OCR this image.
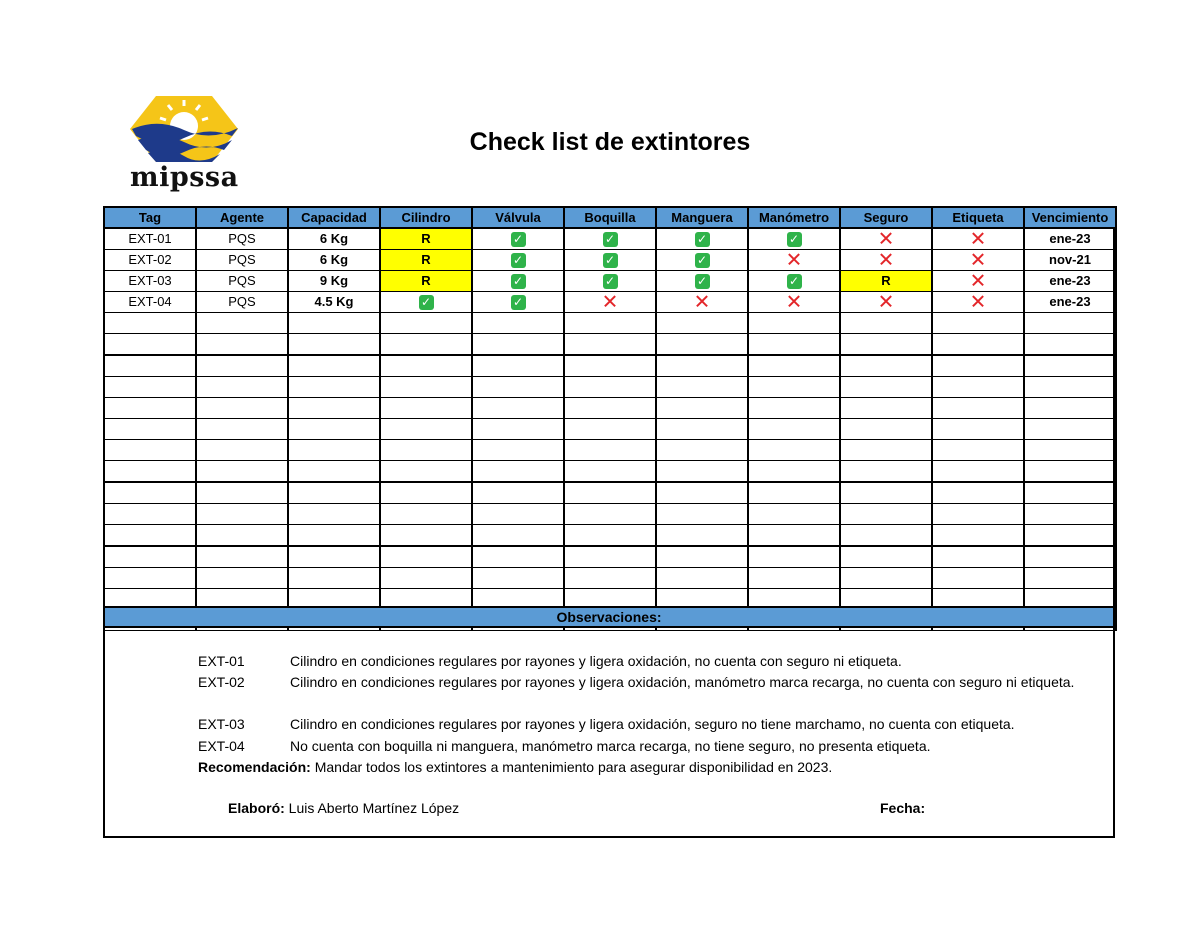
mipssa
Check list de extintores
Tag	Agente	Capacidad	Cilindro	Válvula	Boquilla	Manguera	Manómetro	Seguro	Etiqueta	Vencimiento
EXT-01	PQS	6 Kg	R	✓	✓	✓	✓	✕	✕	ene-23
EXT-02	PQS	6 Kg	R	✓	✓	✓	✕	✕	✕	nov-21
EXT-03	PQS	9 Kg	R	✓	✓	✓	✓	R	✕	ene-23
EXT-04	PQS	4.5 Kg	✓	✓	✕	✕	✕	✕	✕	ene-23

Observaciones:
EXT-01	Cilindro en condiciones regulares por rayones y ligera oxidación, no cuenta con seguro ni etiqueta.
EXT-02	Cilindro en condiciones regulares por rayones y ligera oxidación, manómetro marca recarga, no cuenta con seguro ni etiqueta.
EXT-03	Cilindro en condiciones regulares por rayones y ligera oxidación, seguro no tiene marchamo, no cuenta con etiqueta.
EXT-04	No cuenta con boquilla ni manguera, manómetro marca recarga, no tiene seguro, no presenta etiqueta.
Recomendación: Mandar todos los extintores a mantenimiento para asegurar disponibilidad en 2023.
Elaboró: Luis Aberto Martínez López	Fecha:
